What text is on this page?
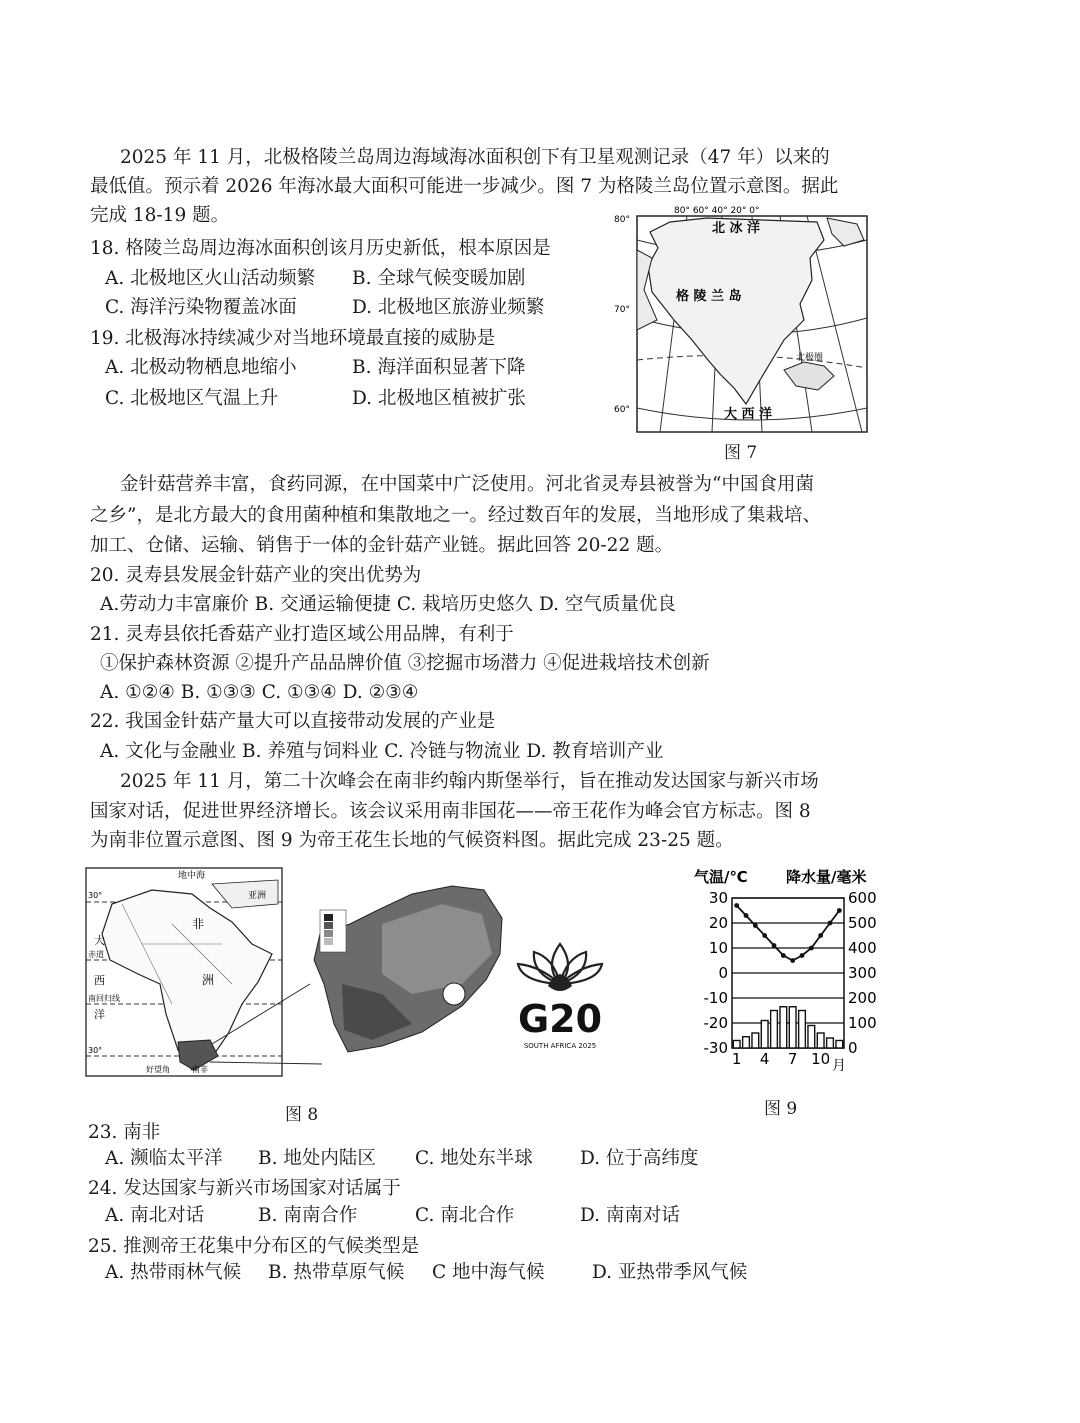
2025 年 11 月，北极格陵兰岛周边海域海冰面积创下有卫星观测记录（47 年）以来的
最低值。预示着 2026 年海冰最大面积可能进一步减少。图 7 为格陵兰岛位置示意图。据此
完成 18-19 题。
18. 格陵兰岛周边海冰面积创该月历史新低，根本原因是
A. 北极地区火山活动频繁 B. 全球气候变暖加剧
C. 海洋污染物覆盖冰面	D. 北极地区旅游业频繁
19. 北极海冰持续减少对当地环境最直接的威胁是
A. 北极动物栖息地缩小	B. 海洋面积显著下降
C. 北极地区气温上升	D. 北极地区植被扩张
80° 60° 40° 20° 0°
80°
70°
60°
北 冰 洋
格 陵 兰 岛
北极圈
大 西 洋
图 7
金针菇营养丰富，食药同源，在中国菜中广泛使用。河北省灵寿县被誉为“中国食用菌
之乡”，是北方最大的食用菌种植和集散地之一。经过数百年的发展，当地形成了集栽培、
加工、仓储、运输、销售于一体的金针菇产业链。据此回答 20-22 题。
20. 灵寿县发展金针菇产业的突出优势为
A.劳动力丰富廉价 B. 交通运输便捷 C. 栽培历史悠久 D. 空气质量优良
21. 灵寿县依托香菇产业打造区域公用品牌，有利于
①保护森林资源 ②提升产品品牌价值 ③挖掘市场潜力 ④促进栽培技术创新
A. ①②④ B. ①③③ C. ①③④ D. ②③④
22. 我国金针菇产量大可以直接带动发展的产业是
A. 文化与金融业 B. 养殖与饲料业 C. 冷链与物流业 D. 教育培训产业
2025 年 11 月，第二十次峰会在南非约翰内斯堡举行，旨在推动发达国家与新兴市场
国家对话，促进世界经济增长。该会议采用南非国花——帝王花作为峰会官方标志。图 8
为南非位置示意图、图 9 为帝王花生长地的气候资料图。据此完成 23-25 题。
地中海
亚洲
30°
非
洲
大
西
洋
赤道
南回归线
30°
好望角	南非
G20
SOUTH AFRICA 2025
图 8
气温/℃	降水量/毫米
30	600
20	500
10	400
0	300
-10	200
-20	100
-30	0
1 4 7 10 月
图 9
23. 南非
A. 濒临太平洋 B. 地处内陆区 C. 地处东半球	D. 位于高纬度
24. 发达国家与新兴市场国家对话属于
A. 南北对话	B. 南南合作	C. 南北合作	D. 南南对话
25. 推测帝王花集中分布区的气候类型是
A. 热带雨林气候 B. 热带草原气候 C 地中海气候	D. 亚热带季风气候
